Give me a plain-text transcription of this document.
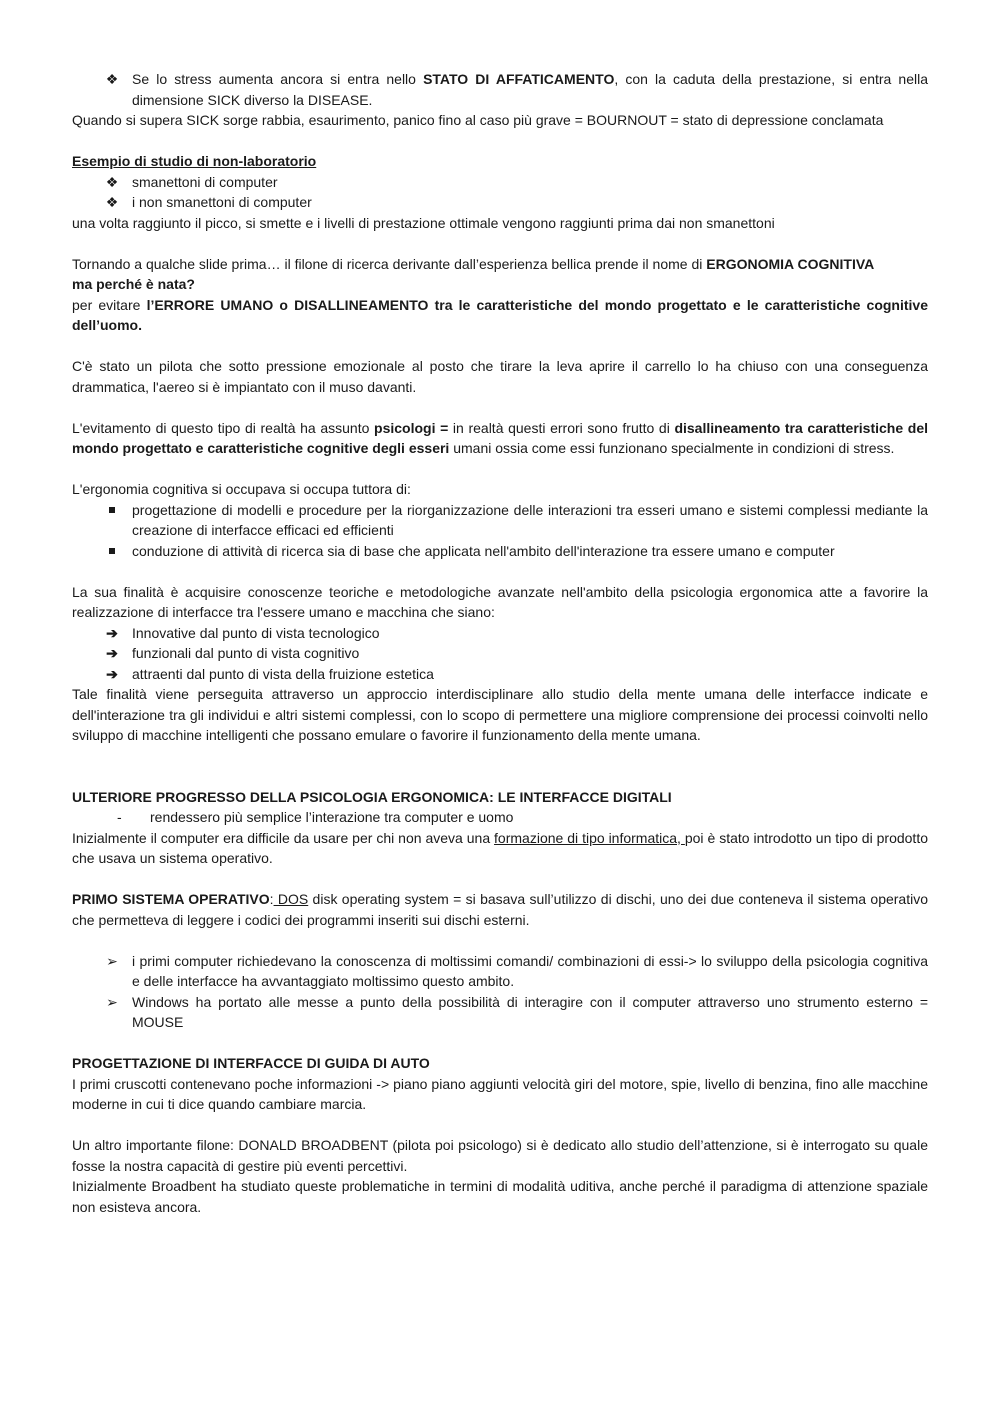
❖ Se lo stress aumenta ancora si entra nello STATO DI AFFATICAMENTO, con la caduta della prestazione, si entra nella dimensione SICK diverso la DISEASE.

Quando si supera SICK sorge rabbia, esaurimento, panico fino al caso più grave = BOURNOUT = stato di depressione conclamata

Esempio di studio di non-laboratorio

❖ smanettoni di computer
❖ i non smanettoni di computer

una volta raggiunto il picco, si smette e i livelli di prestazione ottimale vengono raggiunti prima dai non smanettoni

Tornando a qualche slide prima… il filone di ricerca derivante dall’esperienza bellica prende il nome di ERGONOMIA COGNITIVA

ma perché è nata?

per evitare l’ERRORE UMANO o DISALLINEAMENTO tra le caratteristiche del mondo progettato e le caratteristiche cognitive dell’uomo.

C'è stato un pilota che sotto pressione emozionale al posto che tirare la leva aprire il carrello lo ha chiuso con una conseguenza drammatica, l'aereo si è impiantato con il muso davanti.

L'evitamento di questo tipo di realtà ha assunto psicologi = in realtà questi errori sono frutto di disallineamento tra caratteristiche del mondo progettato e caratteristiche cognitive degli esseri umani ossia come essi funzionano specialmente in condizioni di stress.

L'ergonomia cognitiva si occupava si occupa tuttora di:

progettazione di modelli e procedure per la riorganizzazione delle interazioni tra esseri umano e sistemi complessi mediante la creazione di interfacce efficaci ed efficienti
conduzione di attività di ricerca sia di base che applicata nell'ambito dell'interazione tra essere umano e computer

La sua finalità è acquisire conoscenze teoriche e metodologiche avanzate nell'ambito della psicologia ergonomica atte a favorire la realizzazione di interfacce tra l'essere umano e macchina che siano:

➔ Innovative dal punto di vista tecnologico
➔ funzionali dal punto di vista cognitivo
➔ attraenti dal punto di vista della fruizione estetica

Tale finalità viene perseguita attraverso un approccio interdisciplinare allo studio della mente umana delle interfacce indicate e dell'interazione tra gli individui e altri sistemi complessi, con lo scopo di permettere una migliore comprensione dei processi coinvolti nello sviluppo di macchine intelligenti che possano emulare o favorire il funzionamento della mente umana.

ULTERIORE PROGRESSO DELLA PSICOLOGIA ERGONOMICA: LE INTERFACCE DIGITALI

- rendessero più semplice l’interazione tra computer e uomo

Inizialmente il computer era difficile da usare per chi non aveva una formazione di tipo informatica, poi è stato introdotto un tipo di prodotto che usava un sistema operativo.

PRIMO SISTEMA OPERATIVO: DOS disk operating system = si basava sull’utilizzo di dischi, uno dei due conteneva il sistema operativo che permetteva di leggere i codici dei programmi inseriti sui dischi esterni.

➢ i primi computer richiedevano la conoscenza di moltissimi comandi/ combinazioni di essi-> lo sviluppo della psicologia cognitiva e delle interfacce ha avvantaggiato moltissimo questo ambito.
➢ Windows ha portato alle messe a punto della possibilità di interagire con il computer attraverso uno strumento esterno = MOUSE

PROGETTAZIONE DI INTERFACCE DI GUIDA DI AUTO

I primi cruscotti contenevano poche informazioni -> piano piano aggiunti velocità giri del motore, spie, livello di benzina, fino alle macchine moderne in cui ti dice quando cambiare marcia.

Un altro importante filone: DONALD BROADBENT (pilota poi psicologo) si è dedicato allo studio dell’attenzione, si è interrogato su quale fosse la nostra capacità di gestire più eventi percettivi.

Inizialmente Broadbent ha studiato queste problematiche in termini di modalità uditiva, anche perché il paradigma di attenzione spaziale non esisteva ancora.
